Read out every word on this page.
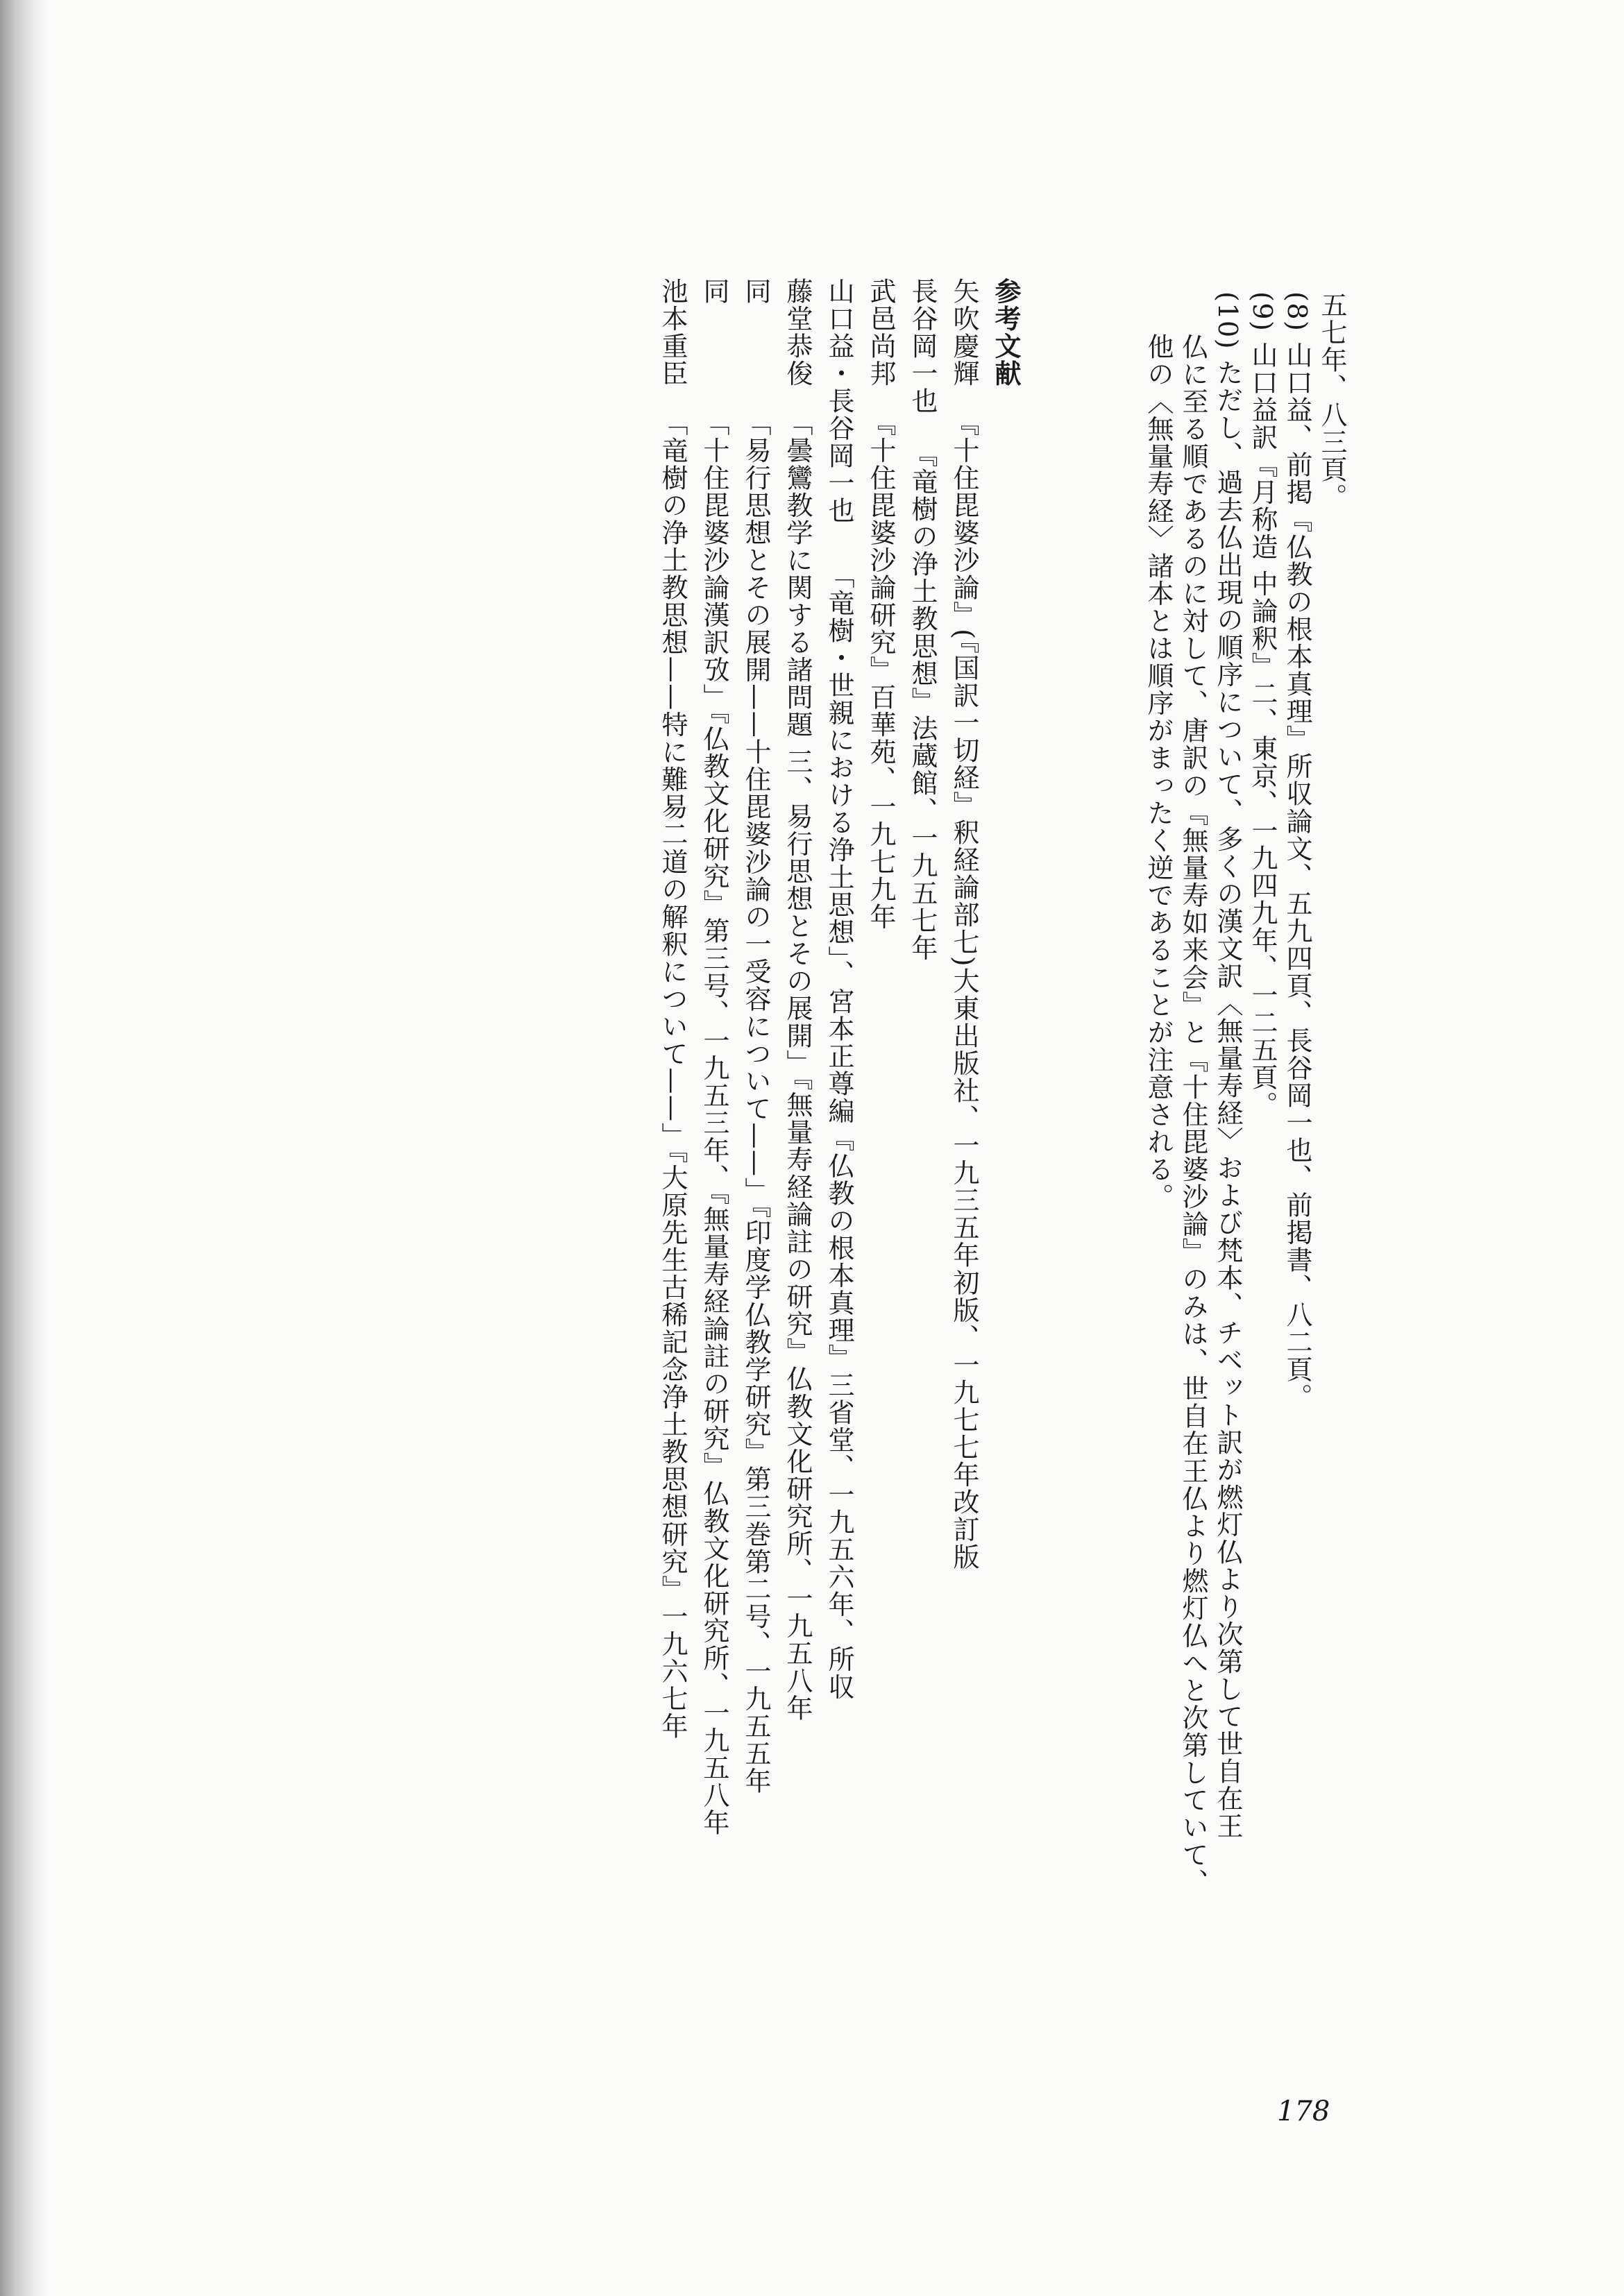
五七年、八三頁。

(8) 山口益、前掲『仏教の根本真理』所収論文、五九四頁、長谷岡一也、前掲書、八二頁。

(9) 山口益訳『月称造 中論釈』二、東京、一九四九年、一二五頁。

(10) ただし、過去仏出現の順序について、多くの漢文訳〈無量寿経〉および梵本、チベット訳が燃灯仏より次第して世自在王

仏に至る順であるのに対して、唐訳の『無量寿如来会』と『十住毘婆沙論』のみは、世自在王仏より燃灯仏へと次第していて、

他の〈無量寿経〉諸本とは順序がまったく逆であることが注意される。

参考文献

矢吹慶輝『十住毘婆沙論』(『国訳一切経』釈経論部七)大東出版社、一九三五年初版、一九七七年改訂版

長谷岡一也『竜樹の浄土教思想』法蔵館、一九五七年

武邑尚邦『十住毘婆沙論研究』百華苑、一九七九年

山口益・長谷岡一也「竜樹・世親における浄土思想」、宮本正尊編『仏教の根本真理』三省堂、一九五六年、所収

藤堂恭俊「曇鸞教学に関する諸問題 三、易行思想とその展開」『無量寿経論註の研究』仏教文化研究所、一九五八年

同「易行思想とその展開——十住毘婆沙論の一受容について——」『印度学仏教学研究』第三巻第二号、一九五五年

同「十住毘婆沙論漢訳攷」『仏教文化研究』第三号、一九五三年、『無量寿経論註の研究』仏教文化研究所、一九五八年

池本重臣「竜樹の浄土教思想——特に難易二道の解釈について——」『大原先生古稀記念浄土教思想研究』一九六七年

178
